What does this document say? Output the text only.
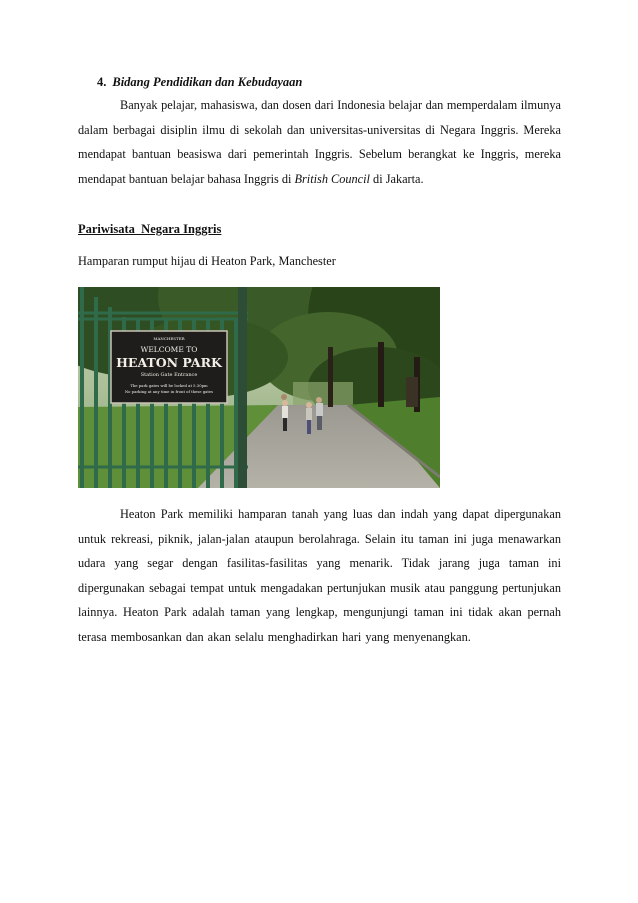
4. Bidang Pendidikan dan Kebudayaan

Banyak pelajar, mahasiswa, dan dosen dari Indonesia belajar dan memperdalam ilmunya dalam berbagai disiplin ilmu di sekolah dan universitas-universitas di Negara Inggris. Mereka mendapat bantuan beasiswa dari pemerintah Inggris. Sebelum berangkat ke Inggris, mereka mendapat bantuan belajar bahasa Inggris di British Council di Jakarta.

Pariwisata  Negara Inggris
Hamparan rumput hijau di Heaton Park, Manchester
MANCHESTER
WELCOME TO
HEATON PARK
Station Gate Entrance
The park gates will be locked at 5.30pm
No parking at any time in front of these gates

Heaton Park memiliki hamparan tanah yang luas dan indah yang dapat dipergunakan untuk rekreasi, piknik, jalan-jalan ataupun berolahraga. Selain itu taman ini juga menawarkan udara yang segar dengan fasilitas-fasilitas yang menarik. Tidak jarang juga taman ini dipergunakan sebagai tempat untuk mengadakan pertunjukan musik atau panggung pertunjukan lainnya. Heaton Park adalah taman yang lengkap, mengunjungi taman ini tidak akan pernah terasa membosankan dan akan selalu menghadirkan hari yang menyenangkan.
